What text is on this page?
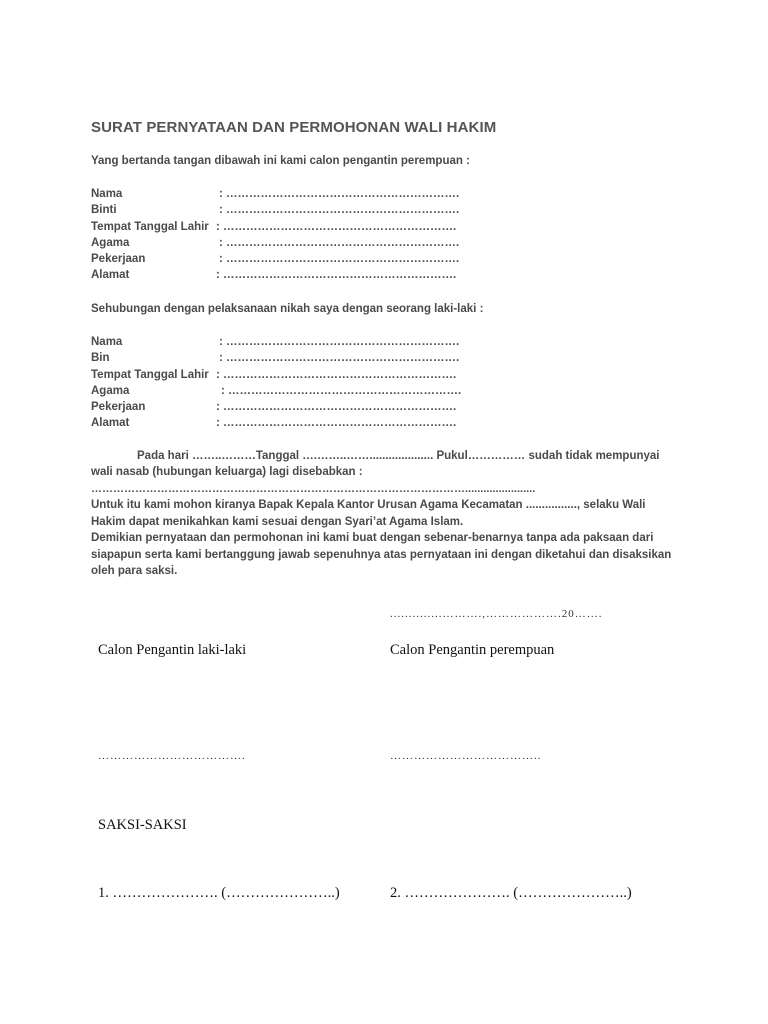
SURAT PERNYATAAN DAN PERMOHONAN WALI HAKIM
Yang bertanda tangan dibawah ini kami calon pengantin perempuan :
Nama	: …………………………………………………….
Binti	: …………………………………………………….
Tempat Tanggal Lahir : …………………………………………………….
Agama	: …………………………………………………….
Pekerjaan	: …………………………………………………….
Alamat	: …………………………………………………….
Sehubungan dengan pelaksanaan nikah saya dengan seorang laki-laki :
Nama	: …………………………………………………….
Bin	: …………………………………………………….
Tempat Tanggal Lahir : …………………………………………………….
Agama	: …………………………………………………….
Pekerjaan	: …………………………………………………….
Alamat	: …………………………………………………….
Pada hari ……..………Tanggal ….……..…….................... Pukul…………… sudah tidak mempunyai
wali nasab (hubungan keluarga) lagi disebabkan :
………………………………………………………………………………………….......................
Untuk itu kami mohon kiranya Bapak Kepala Kantor Urusan Agama Kecamatan ................, selaku Wali Hakim dapat menikahkan kami sesuai dengan Syari’at Agama Islam.
Demikian pernyataan dan permohonan ini kami buat dengan sebenar-benarnya tanpa ada paksaan dari siapapun serta kami bertanggung jawab sepenuhnya atas pernyataan ini dengan diketahui dan disaksikan oleh para saksi.
..............……….,……………….20…….
Calon Pengantin laki-laki	Calon Pengantin perempuan
……………………………….	………………………………..
SAKSI-SAKSI
1. …………………. (…………………..)	2. …………………. (…………………..)
